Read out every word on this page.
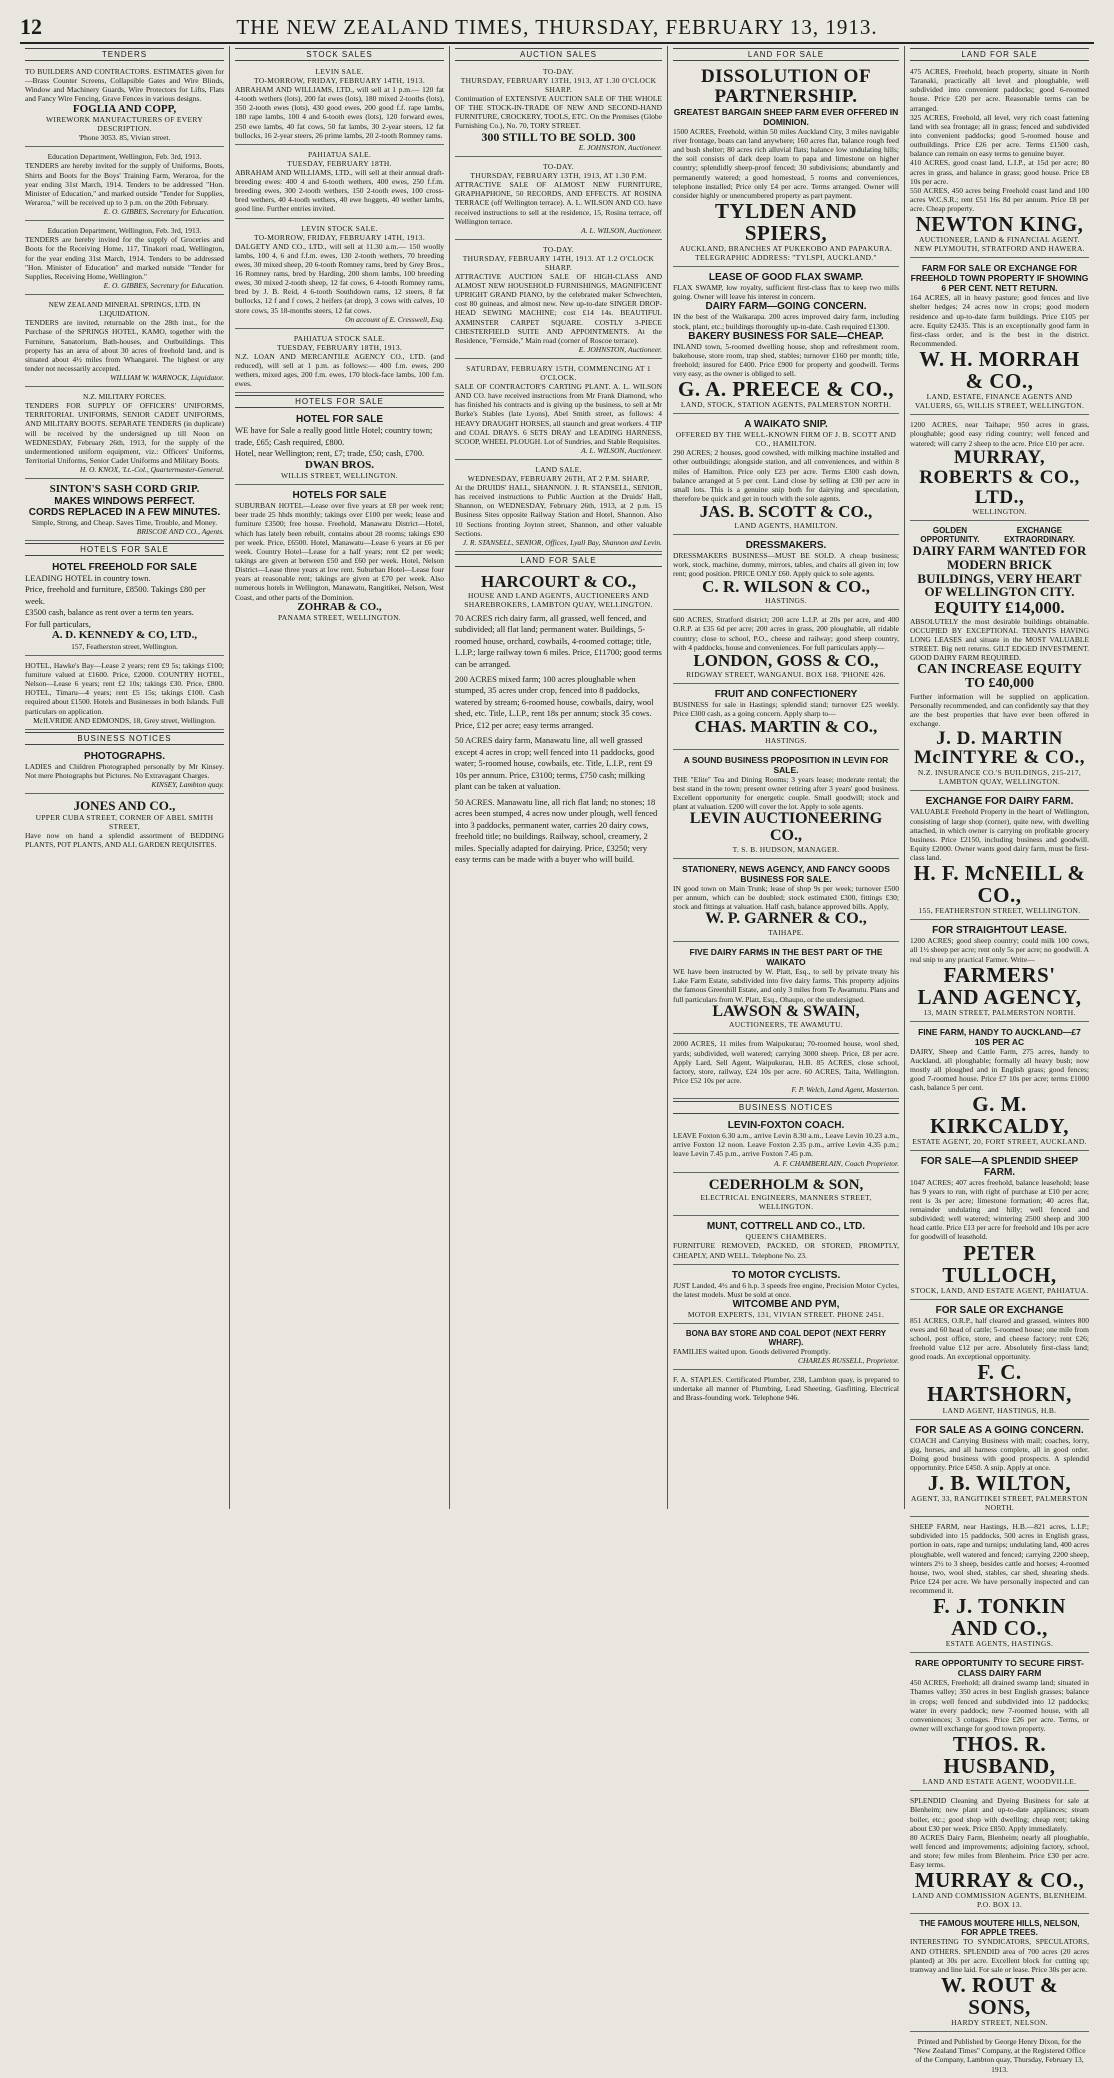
12	THE NEW ZEALAND TIMES, THURSDAY, FEBRUARY 13, 1913.
TENDERS
TO BUILDERS AND CONTRACTORS. ESTIMATES given for—Brass Counter Screens, Collapsible Gates and Wire Blinds, Window and Machinery Guards, Wire Protectors for Lifts, Flats and Fancy Wire Fencing, Grave Fences in various designs.
FOGLIA AND COPP,
WIREWORK MANUFACTURERS OF EVERY DESCRIPTION.
'Phone 3053. 85, Vivian street.
Education Department, Wellington, Feb. 3rd, 1913.
TENDERS are hereby invited for the supply of Uniforms, Boots, Shirts and Boots for the Boys' Training Farm, Weraroa, for the year ending 31st March, 1914. Tenders to be addressed "Hon. Minister of Education," and marked outside "Tender for Supplies, Weraroa," will be received up to 3 p.m. on the 20th February.
E. O. GIBBES, Secretary for Education.
Education Department, Wellington, Feb. 3rd, 1913.
TENDERS are hereby invited for the supply of Groceries and Boots for the Receiving Home, 117, Tinakori road, Wellington, for the year ending 31st March, 1914. Tenders to be addressed "Hon. Minister of Education" and marked outside "Tender for Supplies, Receiving Home, Wellington."
E. O. GIBBES, Secretary for Education.
NEW ZEALAND MINERAL SPRINGS, LTD. IN LIQUIDATION.
TENDERS are invited, returnable on the 28th inst., for the Purchase of the SPRINGS HOTEL, KAMO, together with the Furniture, Sanatorium, Bath-houses, and Outbuildings. This property has an area of about 30 acres of freehold land, and is situated about 4½ miles from Whangarei. The highest or any tender not necessarily accepted.
WILLIAM W. WARNOCK, Liquidator.
N.Z. MILITARY FORCES.
TENDERS FOR SUPPLY OF OFFICERS' UNIFORMS, TERRITORIAL UNIFORMS, SENIOR CADET UNIFORMS, AND MILITARY BOOTS. SEPARATE TENDERS (in duplicate) will be received by the undersigned up till Noon on WEDNESDAY, February 26th, 1913, for the supply of the undermentioned uniform equipment, viz.: Officers' Uniforms, Territorial Uniforms, Senior Cadet Uniforms and Military Boots.
H. O. KNOX, 'Lt.-Col., Quartermaster-General.
SINTON'S SASH CORD GRIP.
MAKES WINDOWS PERFECT.
CORDS REPLACED IN A FEW MINUTES.
Simple, Strong, and Cheap. Saves Time, Trouble, and Money.
BRISCOE AND CO., Agents.
HOTELS FOR SALE
HOTEL FREEHOLD FOR SALE
LEADING HOTEL in country town.
Price, freehold and furniture, £8500. Takings £80 per week.
£3500 cash, balance as rent over a term ten years.
For full particulars,
A. D. KENNEDY & CO, LTD.,
157, Featherston street, Wellington.
HOTEL, Hawke's Bay—Lease 2 years; rent £9 5s; takings £100; furniture valued at £1600. Price, £2000. COUNTRY HOTEL, Nelson—Lease 6 years; rent £2 10s; takings £30. Price, £800. HOTEL, Timaru—4 years; rent £5 15s; takings £100. Cash required about £1500. Hotels and Businesses in both Islands. Full particulars on application.
McILVRIDE AND EDMONDS, 18, Grey street, Wellington.
BUSINESS NOTICES
PHOTOGRAPHS.
LADIES and Children Photographed personally by Mr Kinsey. Not mere Photographs but Pictures. No Extravagant Charges.
KINSEY, Lambton quay.
JONES AND CO.,
UPPER CUBA STREET, CORNER OF ABEL SMITH STREET,
Have now on hand a splendid assortment of BEDDING PLANTS, POT PLANTS, AND ALL GARDEN REQUISITES.
STOCK SALES
LEVIN SALE.
TO-MORROW, FRIDAY, FEBRUARY 14TH, 1913.
ABRAHAM AND WILLIAMS, LTD., will sell at 1 p.m.— 120 fat 4-tooth wethers (lots), 200 fat ewes (lots), 180 mixed 2-tooths (lots), 350 2-tooth ewes (lots), 430 good ewes, 200 good f.f. rape lambs, 180 rape lambs, 100 4 and 6-tooth ewes (lots), 120 forward ewes, 250 ewe lambs, 40 fat cows, 50 fat lambs, 30 2-year steers, 12 fat bullocks, 16 2-year steers, 26 prime lambs, 20 2-tooth Romney rams.
PAHIATUA SALE.
TUESDAY, FEBRUARY 18TH.
ABRAHAM AND WILLIAMS, LTD., will sell at their annual draft-breeding ewes: 400 4 and 6-tooth wethers, 400 ewes, 250 f.f.m. breeding ewes, 300 2-tooth wethers, 150 2-tooth ewes, 100 cross-bred wethers, 40 4-tooth wethers, 40 ewe hoggets, 40 wether lambs, good line. Further entries invited.
LEVIN STOCK SALE.
TO-MORROW, FRIDAY, FEBRUARY 14TH, 1913.
DALGETY AND CO., LTD., will sell at 11.30 a.m.— 150 woolly lambs, 100 4, 6 and f.f.m. ewes, 130 2-tooth wethers, 70 breeding ewes, 30 mixed sheep, 20 6-tooth Romney rams, bred by Grey Bros., 16 Romney rams, bred by Harding, 200 shorn lambs, 100 breeding ewes, 30 mixed 2-tooth sheep, 12 fat cows, 6 4-tooth Romney rams, bred by J. B. Reid, 4 6-tooth Southdown rams, 12 steers, 8 fat bullocks, 12 f and f cows, 2 heifers (at drop), 3 cows with calves, 10 store cows, 35 18-months steers, 12 fat cows.
On account of E. Cresswell, Esq.
PAHIATUA STOCK SALE.
TUESDAY, FEBRUARY 18TH, 1913.
N.Z. LOAN AND MERCANTILE AGENCY CO., LTD. (and reduced), will sell at 1 p.m. as follows:— 400 f.m. ewes, 200 wethers, mixed ages, 200 f.m. ewes, 170 block-face lambs, 100 f.m. ewes.
HOTELS FOR SALE
HOTEL FOR SALE
WE have for Sale a really good little Hotel; country town; trade, £65; Cash required, £800.
Hotel, near Wellington; rent, £7; trade, £50; cash, £700.
DWAN BROS.
WILLIS STREET, WELLINGTON.
HOTELS FOR SALE
SUBURBAN HOTEL—Lease over five years at £8 per week rent; beer trade 25 hhds monthly; takings over £100 per week; lease and furniture £3500; free house. Freehold, Manawatu District—Hotel, which has lately been rebuilt, contains about 28 rooms; takings £90 per week. Price, £6500. Hotel, Manawatu—Lease 6 years at £6 per week. Country Hotel—Lease for a half years; rent £2 per week; takings are given at between £50 and £60 per week. Hotel, Nelson District—Lease three years at low rent. Suburban Hotel—Lease four years at reasonable rent; takings are given at £70 per week. Also numerous hotels in Wellington, Manawatu, Rangitikei, Nelson, West Coast, and other parts of the Dominion.
ZOHRAB & CO.,
PANAMA STREET, WELLINGTON.
AUCTION SALES
TO-DAY.
THURSDAY, FEBRUARY 13TH, 1913, AT 1.30 O'CLOCK SHARP.
Continuation of EXTENSIVE AUCTION SALE OF THE WHOLE OF THE STOCK-IN-TRADE OF NEW AND SECOND-HAND FURNITURE, CROCKERY, TOOLS, ETC. On the Premises (Globe Furnishing Co.), No. 70, TORY STREET.
300 STILL TO BE SOLD. 300
E. JOHNSTON, Auctioneer.
TO-DAY.
THURSDAY, FEBRUARY 13TH, 1913, AT 1.30 P.M.
ATTRACTIVE SALE OF ALMOST NEW FURNITURE, GRAPHAPHONE, 50 RECORDS, AND EFFECTS. AT ROSINA TERRACE (off Wellington terrace). A. L. WILSON AND CO. have received instructions to sell at the residence, 15, Rosina terrace, off Wellington terrace.
A. L. WILSON, Auctioneer.
TO-DAY.
THURSDAY, FEBRUARY 14TH, 1913. AT 1.2 O'CLOCK SHARP.
ATTRACTIVE AUCTION SALE OF HIGH-CLASS AND ALMOST NEW HOUSEHOLD FURNISHINGS, MAGNIFICENT UPRIGHT GRAND PIANO, by the celebrated maker Schwechten, cost 80 guineas, and almost new. New up-to-date SINGER DROP-HEAD SEWING MACHINE; cost £14 14s. BEAUTIFUL AXMINSTER CARPET SQUARE. COSTLY 3-PIECE CHESTERFIELD SUITE AND APPOINTMENTS. At the Residence, "Fernside," Main road (corner of Roscoe terrace).
E. JOHNSTON, Auctioneer.
SATURDAY, FEBRUARY 15TH, COMMENCING AT 1 O'CLOCK.
SALE OF CONTRACTOR'S CARTING PLANT. A. L. WILSON AND CO. have received instructions from Mr Frank Diamond, who has finished his contracts and is giving up the business, to sell at Mr Burke's Stables (late Lyons), Abel Smith street, as follows: 4 HEAVY DRAUGHT HORSES, all staunch and great workers. 4 TIP and COAL DRAYS. 6 SETS DRAY and LEADING HARNESS, SCOOP, WHEEL PLOUGH. Lot of Sundries, and Stable Requisites.
A. L. WILSON, Auctioneer.
LAND SALE.
WEDNESDAY, FEBRUARY 26TH, AT 2 P.M. SHARP,
At the DRUIDS' HALL, SHANNON. J. R. STANSELL, SENIOR, has received instructions to Public Auction at the Druids' Hall, Shannon, on WEDNESDAY, February 26th, 1913, at 2 p.m. 15 Business Sites opposite Railway Station and Hotel, Shannon. Also 10 Sections fronting Joyton street, Shannon, and other valuable Sections.
J. R. STANSELL, SENIOR, Offices, Lyall Bay, Shannon and Levin.
LAND FOR SALE
HARCOURT & CO.,
HOUSE AND LAND AGENTS, AUCTIONEERS AND SHAREBROKERS, LAMBTON QUAY, WELLINGTON.
70 ACRES rich dairy farm, all grassed, well fenced, and subdivided; all flat land; permanent water. Buildings, 5-roomed house, orchard, cowbails, 4-roomed cottage; title, L.I.P.; large railway town 6 miles. Price, £11700; good terms can be arranged.
200 ACRES mixed farm; 100 acres ploughable when stumped, 35 acres under crop, fenced into 8 paddocks, watered by stream; 6-roomed house, cowbails, dairy, wool shed, etc. Title, L.I.P., rent 18s per annum; stock 35 cows. Price, £12 per acre; easy terms arranged.
50 ACRES dairy farm, Manawatu line, all well grassed except 4 acres in crop; well fenced into 11 paddocks, good water; 5-roomed house, cowbails, etc. Title, L.I.P., rent £9 10s per annum. Price, £3100; terms, £750 cash; milking plant can be taken at valuation.
50 ACRES. Manawatu line, all rich flat land; no stones; 18 acres been stumped, 4 acres now under plough, well fenced into 3 paddocks, permanent water, carries 20 dairy cows, freehold title; no buildings. Railway, school, creamery, 2 miles. Specially adapted for dairying. Price, £3250; very easy terms can be made with a buyer who will build.
LAND FOR SALE
DISSOLUTION OF PARTNERSHIP.
GREATEST BARGAIN SHEEP FARM EVER OFFERED IN DOMINION.
1500 ACRES, Freehold, within 50 miles Auckland City, 3 miles navigable river frontage, boats can land anywhere; 160 acres flat, balance rough feed and bush shelter; 80 acres rich alluvial flats; balance low undulating hills; the soil consists of dark deep loam to papa and limestone on higher country; splendidly sheep-proof fenced; 30 subdivisions; abundantly and permanently watered; a good homestead, 5 rooms and conveniences, telephone installed; Price only £4 per acre. Terms arranged. Owner will consider highly or unencumbered property as part payment.
TYLDEN AND SPIERS,
AUCKLAND, BRANCHES AT PUKEKOBO AND PAPAKURA. TELEGRAPHIC ADDRESS: "TYLSPI, AUCKLAND."
LEASE OF GOOD FLAX SWAMP.
FLAX SWAMP, low royalty, sufficient first-class flax to keep two mills going. Owner will leave his interest in concern.
DAIRY FARM—GOING CONCERN.
IN the best of the Waikarapa. 200 acres improved dairy farm, including stock, plant, etc.; buildings thoroughly up-to-date. Cash required £1300.
BAKERY BUSINESS FOR SALE—CHEAP.
INLAND town, 5-roomed dwelling house, shop and refreshment room, bakehouse, store room, trap shed, stables; turnover £160 per month; title, freehold; insured for £400. Price £900 for property and goodwill. Terms very easy, as the owner is obliged to sell.
G. A. PREECE & CO.,
LAND, STOCK, STATION AGENTS, PALMERSTON NORTH.
A WAIKATO SNIP.
OFFERED BY THE WELL-KNOWN FIRM OF J. B. SCOTT AND CO., HAMILTON.
290 ACRES; 2 houses, good cowshed, with milking machine installed and other outbuildings; alongside station, and all conveniences, and within 8 miles of Hamilton. Price only £23 per acre. Terms £300 cash down, balance arranged at 5 per cent. Land close by selling at £30 per acre in small lots. This is a genuine snip both for dairying and speculation, therefore be quick and get in touch with the sole agents.
JAS. B. SCOTT & CO.,
LAND AGENTS, HAMILTON.
DRESSMAKERS.
DRESSMAKERS BUSINESS—MUST BE SOLD. A cheap business; work, stock, machine, dummy, mirrors, tables, and chairs all given in; low rent; good position. PRICE ONLY £60. Apply quick to sole agents.
C. R. WILSON & CO.,
HASTINGS.
600 ACRES, Stratford district; 200 acre L.I.P. at 20s per acre, and 400 O.R.P. at £35 6d per acre; 200 acres in grass, 200 ploughable, all ridable country; close to school, P.O., cheese and railway; good sheep country, with 4 paddocks, house and conveniences. For full particulars apply—
LONDON, GOSS & CO.,
RIDGWAY STREET, WANGANUI. BOX 168. 'PHONE 426.
FRUIT AND CONFECTIONERY
BUSINESS for sale in Hastings; splendid stand; turnover £25 weekly. Price £300 cash, as a going concern. Apply sharp to—
CHAS. MARTIN & CO.,
HASTINGS.
A SOUND BUSINESS PROPOSITION IN LEVIN FOR SALE.
THE "Elite" Tea and Dining Rooms; 3 years lease; moderate rental; the best stand in the town; present owner retiring after 3 years' good business. Excellent opportunity for energetic couple. Small goodwill; stock and plant at valuation. £200 will cover the lot. Apply to sole agents.
LEVIN AUCTIONEERING CO.,
T. S. B. HUDSON, MANAGER.
STATIONERY, NEWS AGENCY, AND FANCY GOODS BUSINESS FOR SALE.
IN good town on Main Trunk; lease of shop 9s per week; turnover £500 per annum, which can be doubled; stock estimated £300, fittings £30; stock and fittings at valuation. Half cash, balance approved bills. Apply,
W. P. GARNER & CO.,
TAIHAPE.
FIVE DAIRY FARMS IN THE BEST PART OF THE WAIKATO
WE have been instructed by W. Platt, Esq., to sell by private treaty his Lake Farm Estate, subdivided into five dairy farms. This property adjoins the famous Greenhill Estate, and only 3 miles from Te Awamutu. Plans and full particulars from W. Platt, Esq., Ohaupo, or the undersigned.
LAWSON & SWAIN,
AUCTIONEERS, TE AWAMUTU.
2000 ACRES, 11 miles from Waipukurau; 70-roomed house, wool shed, yards; subdivided, well watered; carrying 3000 sheep. Price, £8 per acre. Apply Lard, Sell Agent, Waipukurau, H.B. 85 ACRES, close school, factory, store, railway, £24 10s per acre. 60 ACRES, Taita, Wellington. Price £52 10s per acre.
F. P. Welch, Land Agent, Masterton.
BUSINESS NOTICES
LEVIN-FOXTON COACH.
LEAVE Foxton 6.30 a.m., arrive Levin 8.30 a.m., Leave Levin 10.23 a.m., arrive Foxton 12 noon. Leave Foxton 2.35 p.m., arrive Levin 4.35 p.m.; leave Levin 7.45 p.m., arrive Foxton 7.45 p.m.
A. F. CHAMBERLAIN, Coach Proprietor.
CEDERHOLM & SON,
ELECTRICAL ENGINEERS, MANNERS STREET, WELLINGTON.
MUNT, COTTRELL AND CO., LTD.
QUEEN'S CHAMBERS.
FURNITURE REMOVED, PACKED, OR STORED, PROMPTLY, CHEAPLY, AND WELL. Telephone No. 23.
TO MOTOR CYCLISTS.
JUST Landed, 4½ and 6 h.p. 3 speeds free engine, Precision Motor Cycles, the latest models. Must be sold at once.
WITCOMBE AND PYM,
MOTOR EXPERTS, 131, VIVIAN STREET. PHONE 2451.
BONA BAY STORE AND COAL DEPOT (NEXT FERRY WHARF).
FAMILIES waited upon. Goods delivered Promptly.
CHARLES RUSSELL, Proprietor.
F. A. STAPLES. Certificated Plumber, 238, Lambton quay, is prepared to undertake all manner of Plumbing, Lead Sheeting, Gasfitting, Electrical and Brass-founding work. Telephone 946.
LAND FOR SALE
475 ACRES, Freehold, beach property, situate in North Taranaki, practically all level and ploughable, well subdivided into convenient paddocks; good 6-roomed house. Price £20 per acre. Reasonable terms can be arranged.
325 ACRES, Freehold, all level, very rich coast fattening land with sea frontage; all in grass; fenced and subdivided into convenient paddocks; good 5-roomed house and outbuildings. Price £26 per acre. Terms £1500 cash, balance can remain on easy terms to genuine buyer.
410 ACRES, good coast land, L.I.P., at 15d per acre; 80 acres in grass, and balance in grass; good house. Price £8 10s per acre.
550 ACRES, 450 acres being Freehold coast land and 100 acres W.C.S.R.; rent £51 16s 8d per annum. Price £8 per acre. Cheap property.
NEWTON KING,
AUCTIONEER, LAND & FINANCIAL AGENT. NEW PLYMOUTH, STRATFORD AND HAWERA.
FARM FOR SALE OR EXCHANGE FOR FREEHOLD TOWN PROPERTY IF SHOWING 6 PER CENT. NETT RETURN.
164 ACRES, all in heavy pasture; good fences and live shelter hedges; 24 acres now in crops; good modern residence and up-to-date farm buildings. Price £105 per acre. Equity £2435. This is an exceptionally good farm in first-class order, and is the best in the district. Recommended.
W. H. MORRAH & CO.,
LAND, ESTATE, FINANCE AGENTS AND VALUERS, 65, WILLIS STREET, WELLINGTON.
1200 ACRES, near Taihape; 950 acres in grass, ploughable; good easy riding country; well fenced and watered; will carry 2 sheep to the acre. Price £10 per acre.
MURRAY, ROBERTS & CO., LTD.,
WELLINGTON.
GOLDEN OPPORTUNITY.
EXCHANGE EXTRAORDINARY.
DAIRY FARM WANTED FOR MODERN BRICK BUILDINGS, VERY HEART OF WELLINGTON CITY.
EQUITY £14,000.
ABSOLUTELY the most desirable buildings obtainable. OCCUPIED BY EXCEPTIONAL TENANTS HAVING LONG LEASES and situate in the MOST VALUABLE STREET. Big nett returns. GILT EDGED INVESTMENT. GOOD DAIRY FARM REQUIRED.
CAN INCREASE EQUITY TO £40,000
Further information will be supplied on application. Personally recommended, and can confidently say that they are the best properties that have ever been offered in exchange.
J. D. MARTIN McINTYRE & CO.,
N.Z. INSURANCE CO.'S BUILDINGS, 215-217, LAMBTON QUAY, WELLINGTON.
EXCHANGE FOR DAIRY FARM.
VALUABLE Freehold Property in the heart of Wellington, consisting of large shop (corner), quite new, with dwelling attached, in which owner is carrying on profitable grocery business. Price £2150, including business and goodwill. Equity £2000. Owner wants good dairy farm, must be first-class land.
H. F. McNEILL & CO.,
155, FEATHERSTON STREET, WELLINGTON.
FOR STRAIGHTOUT LEASE.
1200 ACRES; good sheep country; could milk 100 cows, all 1½ sheep per acre; rent only 5s per acre; no goodwill. A real snip to any practical Farmer. Write—
FARMERS' LAND AGENCY,
13, MAIN STREET, PALMERSTON NORTH.
FINE FARM, HANDY TO AUCKLAND—£7 10S PER AC
DAIRY, Sheep and Cattle Farm, 275 acres, handy to Auckland, all ploughable; formally all heavy bush; now mostly all ploughed and in English grass; good fences; good 7-roomed house. Price £7 10s per acre; terms £1000 cash, balance 5 per cent.
G. M. KIRKCALDY,
ESTATE AGENT, 20, FORT STREET, AUCKLAND.
FOR SALE—A SPLENDID SHEEP FARM.
1047 ACRES; 407 acres freehold, balance leasehold; lease has 9 years to run, with right of purchase at £10 per acre; rent is 3s per acre; limestone formation; 40 acres flat, remainder undulating and hilly; well fenced and subdivided; well watered; wintering 2500 sheep and 300 head cattle. Price £13 per acre for freehold and 10s per acre for goodwill of leasehold.
PETER TULLOCH,
STOCK, LAND, AND ESTATE AGENT, PAHIATUA.
FOR SALE OR EXCHANGE
851 ACRES, O.R.P., half cleared and grassed, winters 800 ewes and 60 head of cattle; 5-roomed house; one mile from school, post office, store, and cheese factory; rent £26; freehold value £12 per acre. Absolutely first-class land; good roads. An exceptional opportunity.
F. C. HARTSHORN,
LAND AGENT, HASTINGS, H.B.
FOR SALE AS A GOING CONCERN.
COACH and Carrying Business with mail; coaches, lorry, gig, horses, and all harness complete, all in good order. Doing good business with good prospects. A splendid opportunity. Price £450. A snip. Apply at once.
J. B. WILTON,
AGENT, 33, RANGITIKEI STREET, PALMERSTON NORTH.
SHEEP FARM, near Hastings, H.B.—821 acres, L.I.P.; subdivided into 15 paddocks, 500 acres in English grass, portion in oats, rape and turnips; undulating land, 400 acres ploughable, well watered and fenced; carrying 2200 sheep, winters 2½ to 3 sheep, besides cattle and horses; 4-roomed house, two, wool shed, stables, car shed, shearing sheds. Price £24 per acre. We have personally inspected and can recommend it.
F. J. TONKIN AND CO.,
ESTATE AGENTS, HASTINGS.
RARE OPPORTUNITY TO SECURE FIRST-CLASS DAIRY FARM
450 ACRES, Freehold; all drained swamp land; situated in Thames valley; 350 acres in best English grasses; balance in crops; well fenced and subdivided into 12 paddocks; water in every paddock; new 7-roomed house, with all conveniences; 3 cottages. Price £26 per acre. Terms, or owner will exchange for good town property.
THOS. R. HUSBAND,
LAND AND ESTATE AGENT, WOODVILLE.
SPLENDID Cleaning and Dyeing Business for sale at Blenheim; new plant and up-to-date appliances; steam boiler, etc.; good shop with dwelling; cheap rent; taking about £30 per week. Price £850. Apply immediately.
80 ACRES Dairy Farm, Blenheim; nearly all ploughable, well fenced and improvements; adjoining factory, school, and store; few miles from Blenheim. Price £30 per acre. Easy terms.
MURRAY & CO.,
LAND AND COMMISSION AGENTS, BLENHEIM. P.O. BOX 13.
THE FAMOUS MOUTERE HILLS, NELSON, FOR APPLE TREES.
INTERESTING TO SYNDICATORS, SPECULATORS, AND OTHERS. SPLENDID area of 700 acres (20 acres planted) at 30s per acre. Excellent block for cutting up; tramway and line laid. For sale or lease. Price 30s per acre.
W. ROUT & SONS,
HARDY STREET, NELSON.
Printed and Published by George Henry Dixon, for the "New Zealand Times" Company, at the Registered Office of the Company, Lambton quay, Thursday, February 13, 1913.
